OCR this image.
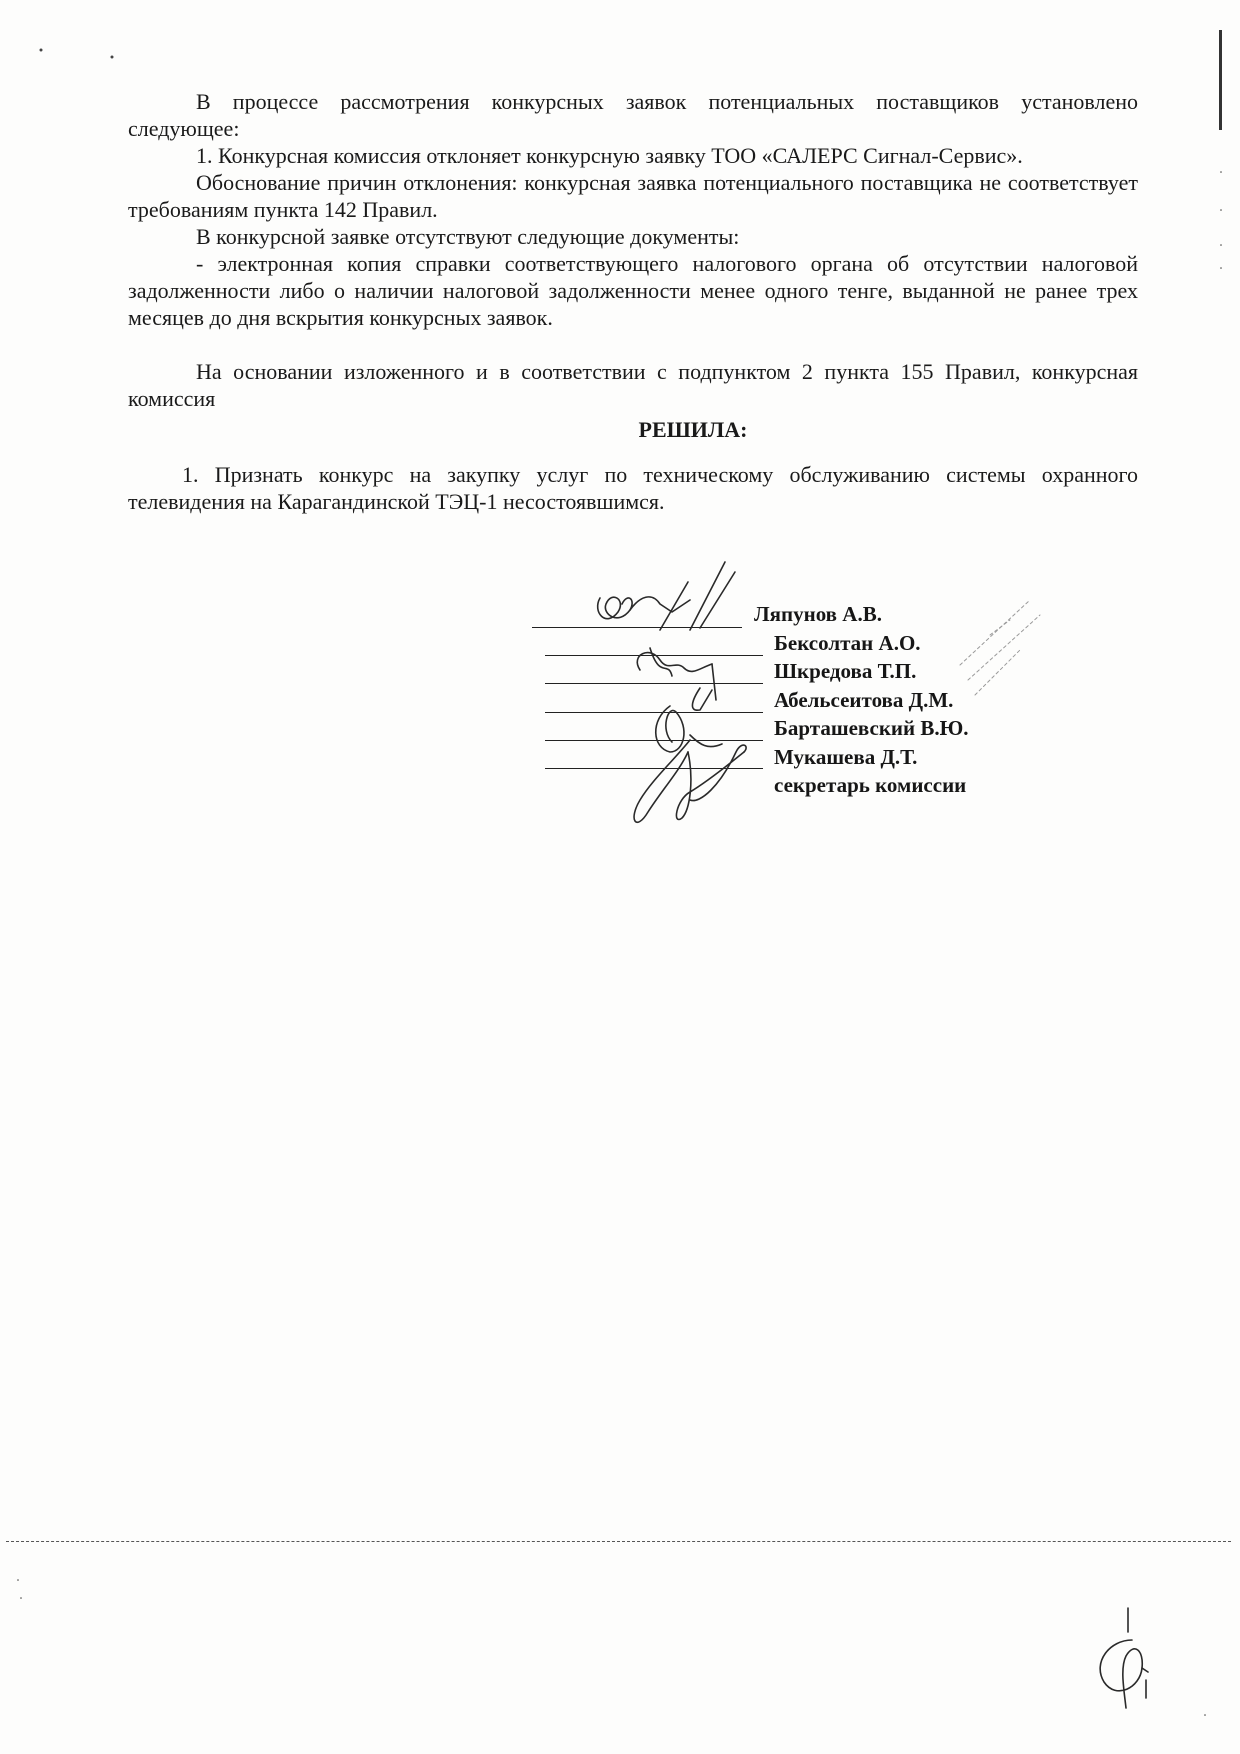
В процессе рассмотрения конкурсных заявок потенциальных поставщиков установлено следующее:

1. Конкурсная комиссия отклоняет конкурсную заявку ТОО «САЛЕРС Сигнал-Сервис».

Обоснование причин отклонения: конкурсная заявка потенциального поставщика не соответствует требованиям пункта 142 Правил.

В конкурсной заявке отсутствуют следующие документы:

- электронная копия справки соответствующего налогового органа об отсутствии налоговой задолженности либо о наличии налоговой задолженности менее одного тенге, выданной не ранее трех месяцев до дня вскрытия конкурсных заявок.

На основании изложенного и в соответствии с подпунктом 2 пункта 155 Правил, конкурсная комиссия

РЕШИЛА:

1. Признать конкурс на закупку услуг по техническому обслуживанию системы охранного телевидения на Карагандинской ТЭЦ-1 несостоявшимся.

Ляпунов А.В.
Бексолтан А.О.
Шкредова Т.П.
Абельсеитова Д.М.
Барташевский В.Ю.
Мукашева Д.Т.
секретарь комиссии
